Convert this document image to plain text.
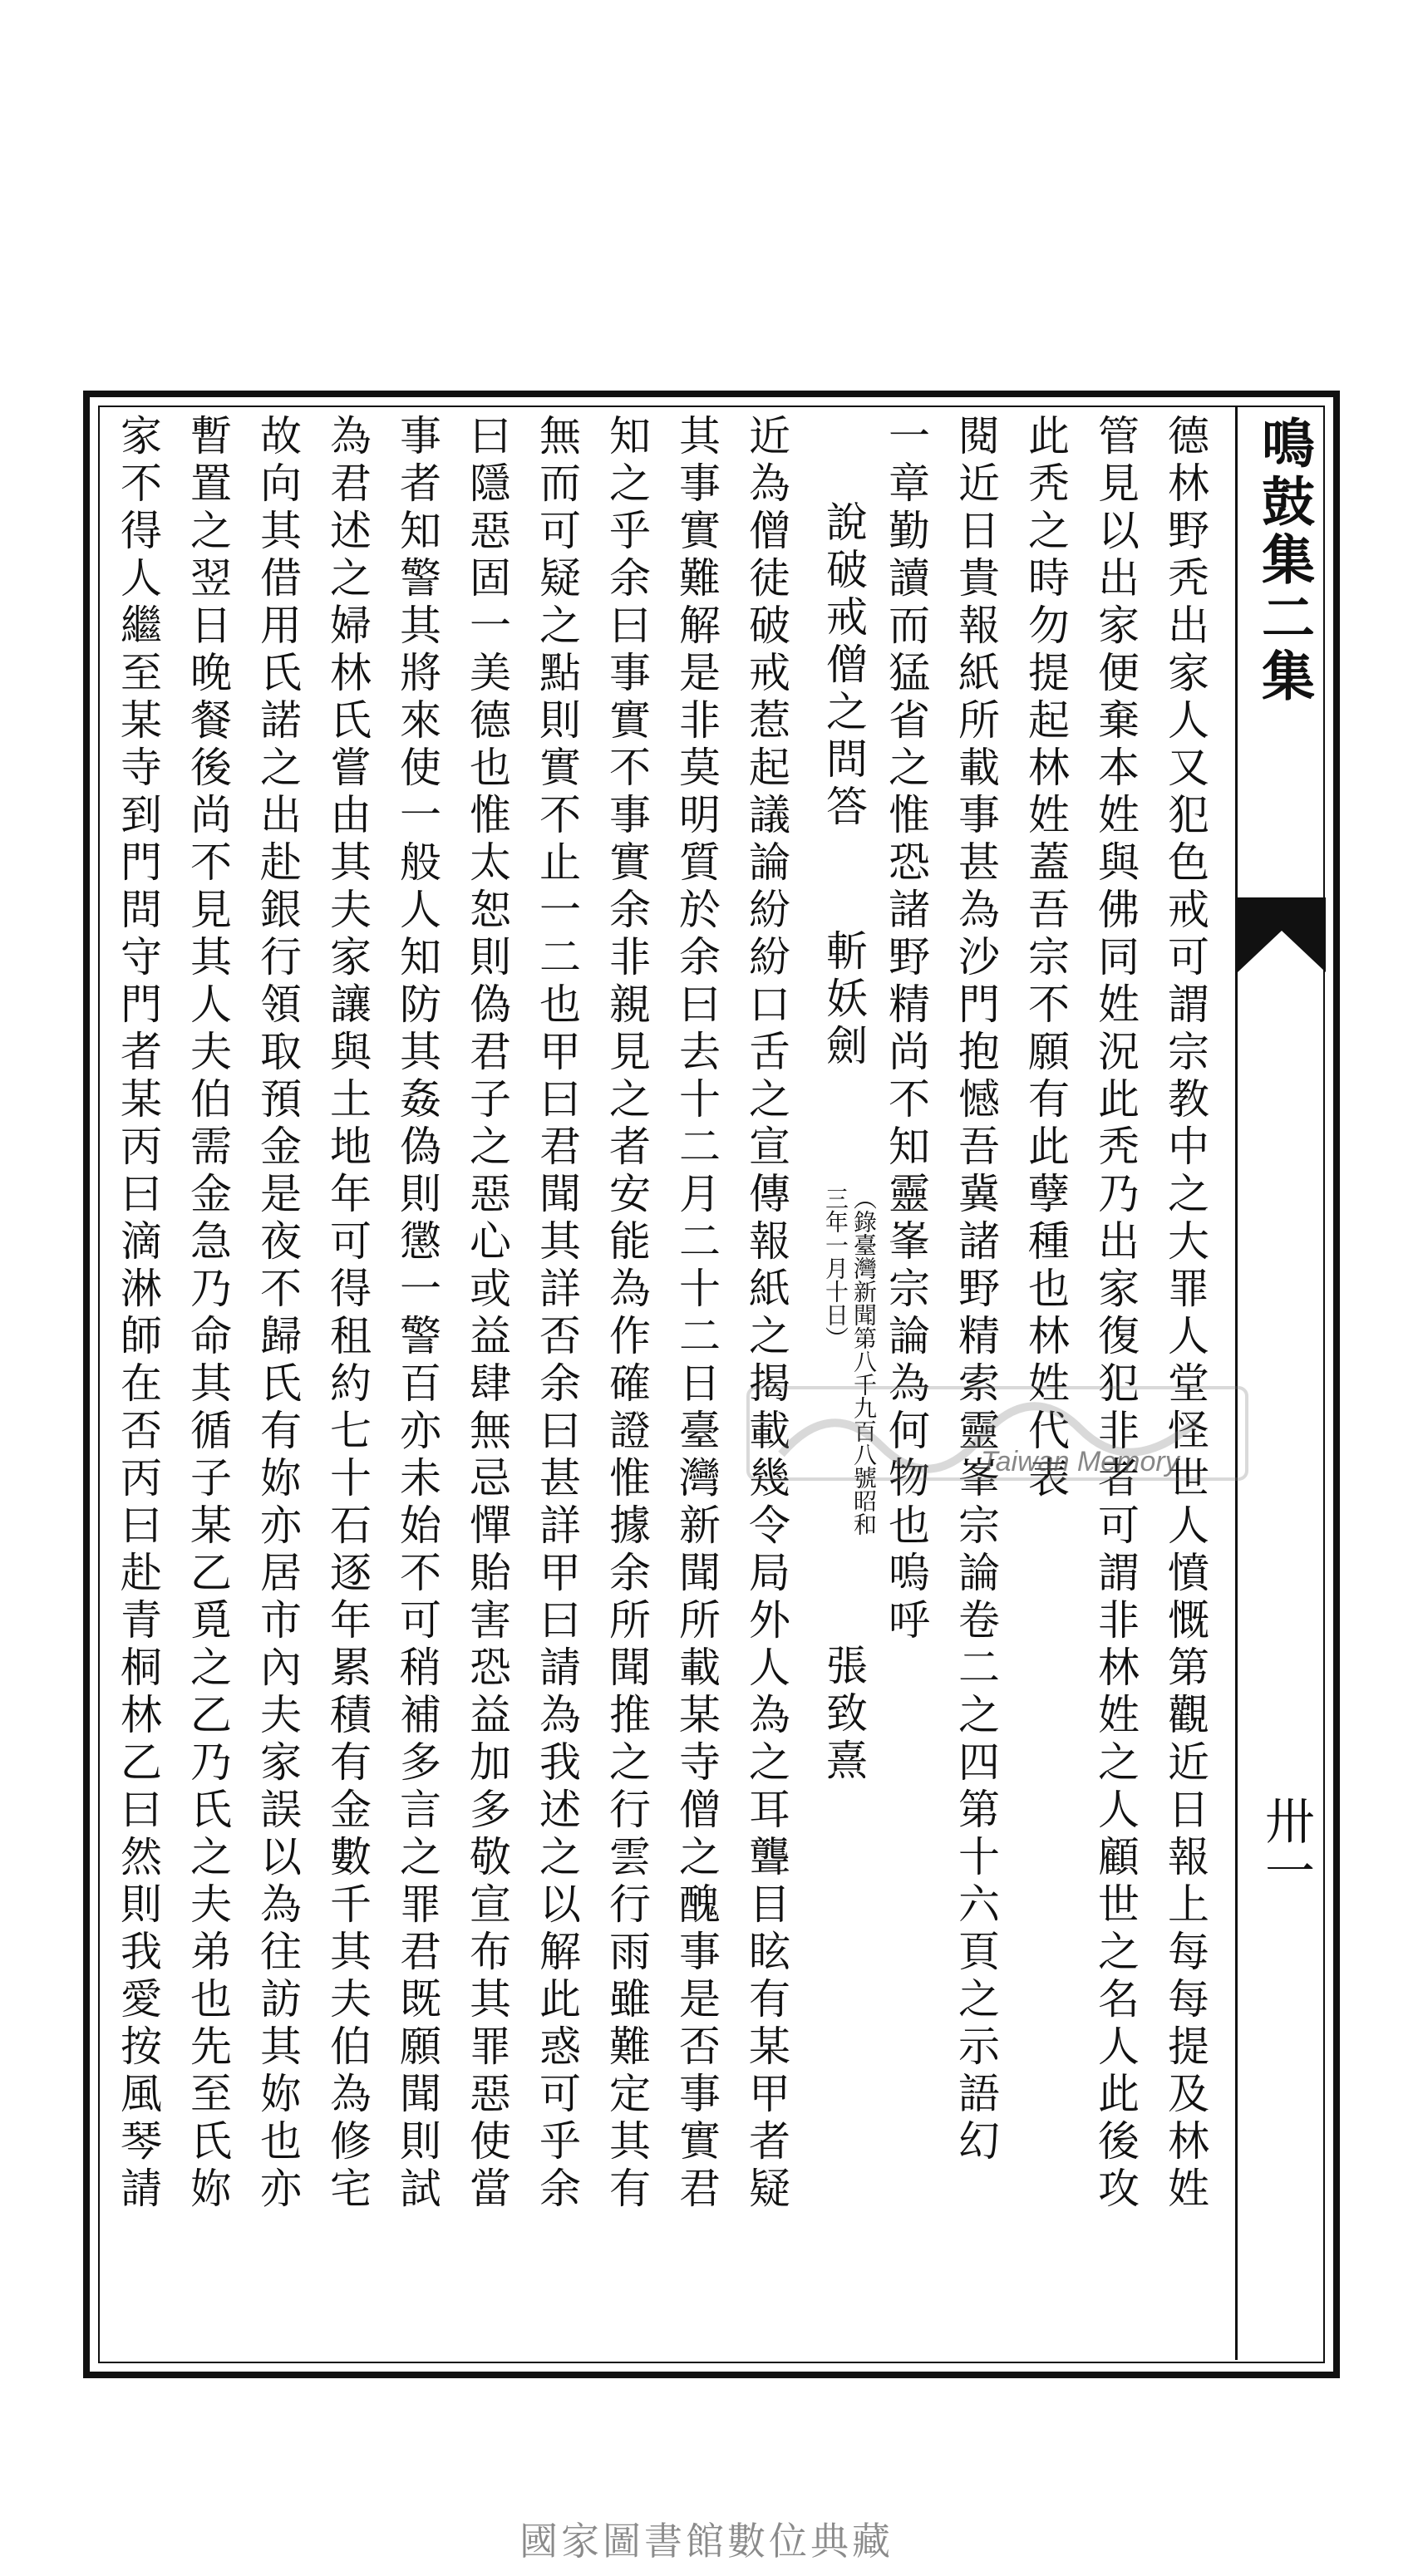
鳴鼓集二集
卅一
德林野秃出家人又犯色戒可謂宗教中之大罪人堂怪世人憤慨第觀近日報上每每提及林姓
管見以出家便棄本姓與佛同姓況此秃乃出家復犯非者可謂非林姓之人顧世之名人此後攻
此秃之時勿提起林姓蓋吾宗不願有此孽種也林姓代表
閱近日貴報紙所載事甚為沙門抱憾吾冀諸野精索靈峯宗論卷二之四第十六頁之示語幻
一章勤讀而猛省之惟恐諸野精尚不知靈峯宗論為何物也嗚呼
說破戒僧之問答
斬妖劍
（錄臺灣新聞第八千九百八號昭和三年一月十日）
張致熹
近為僧徒破戒惹起議論紛紛口舌之宣傳報紙之揭載幾令局外人為之耳聾目眩有某甲者疑
其事實難解是非莫明質於余曰去十二月二十二日臺灣新聞所載某寺僧之醜事是否事實君
知之乎余曰事實不事實余非親見之者安能為作確證惟據余所聞推之行雲行雨雖難定其有
無而可疑之點則實不止一二也甲曰君聞其詳否余曰甚詳甲曰請為我述之以解此惑可乎余
曰隱惡固一美德也惟太恕則偽君子之惡心或益肆無忌憚貽害恐益加多敬宣布其罪惡使當
事者知警其將來使一般人知防其姦偽則懲一警百亦未始不可稍補多言之罪君既願聞則試
為君述之婦林氏嘗由其夫家讓與土地年可得租約七十石逐年累積有金數千其夫伯為修宅
故向其借用氏諾之出赴銀行領取預金是夜不歸氏有妳亦居市內夫家誤以為往訪其妳也亦
暫置之翌日晚餐後尚不見其人夫伯需金急乃命其循子某乙覓之乙乃氏之夫弟也先至氏妳
家不得人繼至某寺到門問守門者某丙曰滴淋師在否丙曰赴青桐林乙曰然則我愛按風琴請	Taiwan Memory
國家圖書館數位典藏
